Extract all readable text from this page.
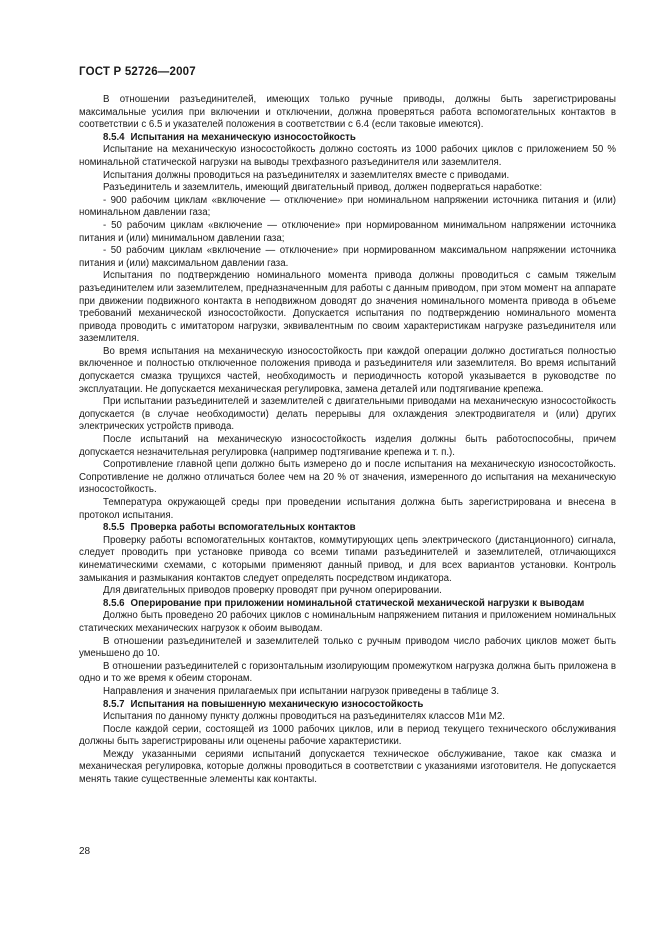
ГОСТ Р 52726—2007

В отношении разъединителей, имеющих только ручные приводы, должны быть зарегистрированы максимальные усилия при включении и отключении, должна проверяться работа вспомогательных контактов в соответствии с 6.5 и указателей положения в соответствии с 6.4 (если таковые имеются).

8.5.4 Испытания на механическую износостойкость

Испытание на механическую износостойкость должно состоять из 1000 рабочих циклов с приложением 50 % номинальной статической нагрузки на выводы трехфазного разъединителя или заземлителя.

Испытания должны проводиться на разъединителях и заземлителях вместе с приводами.

Разъединитель и заземлитель, имеющий двигательный привод, должен подвергаться наработке:

- 900 рабочим циклам «включение — отключение» при номинальном напряжении источника питания и (или) номинальном давлении газа;

- 50 рабочим циклам «включение — отключение» при нормированном минимальном напряжении источника питания и (или) минимальном давлении газа;

- 50 рабочим циклам «включение — отключение» при нормированном максимальном напряжении источника питания и (или) максимальном давлении газа.

Испытания по подтверждению номинального момента привода должны проводиться с самым тяжелым разъединителем или заземлителем, предназначенным для работы с данным приводом, при этом момент на аппарате при движении подвижного контакта в неподвижном доводят до значения номинального момента привода в объеме требований механической износостойкости. Допускается испытания по подтверждению номинального момента привода проводить с имитатором нагрузки, эквивалентным по своим характеристикам нагрузке разъединителя или заземлителя.

Во время испытания на механическую износостойкость при каждой операции должно достигаться полностью включенное и полностью отключенное положения привода и разъединителя или заземлителя. Во время испытаний допускается смазка трущихся частей, необходимость и периодичность которой указывается в руководстве по эксплуатации. Не допускается механическая регулировка, замена деталей или подтягивание крепежа.

При испытании разъединителей и заземлителей с двигательными приводами на механическую износостойкость допускается (в случае необходимости) делать перерывы для охлаждения электродвигателя и (или) других электрических устройств привода.

После испытаний на механическую износостойкость изделия должны быть работоспособны, причем допускается незначительная регулировка (например подтягивание крепежа и т. п.).

Сопротивление главной цепи должно быть измерено до и после испытания на механическую износостойкость. Сопротивление не должно отличаться более чем на 20 % от значения, измеренного до испытания на механическую износостойкость.

Температура окружающей среды при проведении испытания должна быть зарегистрирована и внесена в протокол испытания.

8.5.5 Проверка работы вспомогательных контактов

Проверку работы вспомогательных контактов, коммутирующих цепь электрического (дистанционного) сигнала, следует проводить при установке привода со всеми типами разъединителей и заземлителей, отличающихся кинематическими схемами, с которыми применяют данный привод, и для всех вариантов установки. Контроль замыкания и размыкания контактов следует определять посредством индикатора.

Для двигательных приводов проверку проводят при ручном оперировании.

8.5.6 Оперирование при приложении номинальной статической механической нагрузки к выводам

Должно быть проведено 20 рабочих циклов с номинальным напряжением питания и приложением номинальных статических механических нагрузок к обоим выводам.

В отношении разъединителей и заземлителей только с ручным приводом число рабочих циклов может быть уменьшено до 10.

В отношении разъединителей с горизонтальным изолирующим промежутком нагрузка должна быть приложена в одно и то же время к обеим сторонам.

Направления и значения прилагаемых при испытании нагрузок приведены в таблице 3.

8.5.7 Испытания на повышенную механическую износостойкость

Испытания по данному пункту должны проводиться на разъединителях классов М1и М2.

После каждой серии, состоящей из 1000 рабочих циклов, или в период текущего технического обслуживания должны быть зарегистрированы или оценены рабочие характеристики.

Между указанными сериями испытаний допускается техническое обслуживание, такое как смазка и механическая регулировка, которые должны проводиться в соответствии с указаниями изготовителя. Не допускается менять такие существенные элементы как контакты.

28
